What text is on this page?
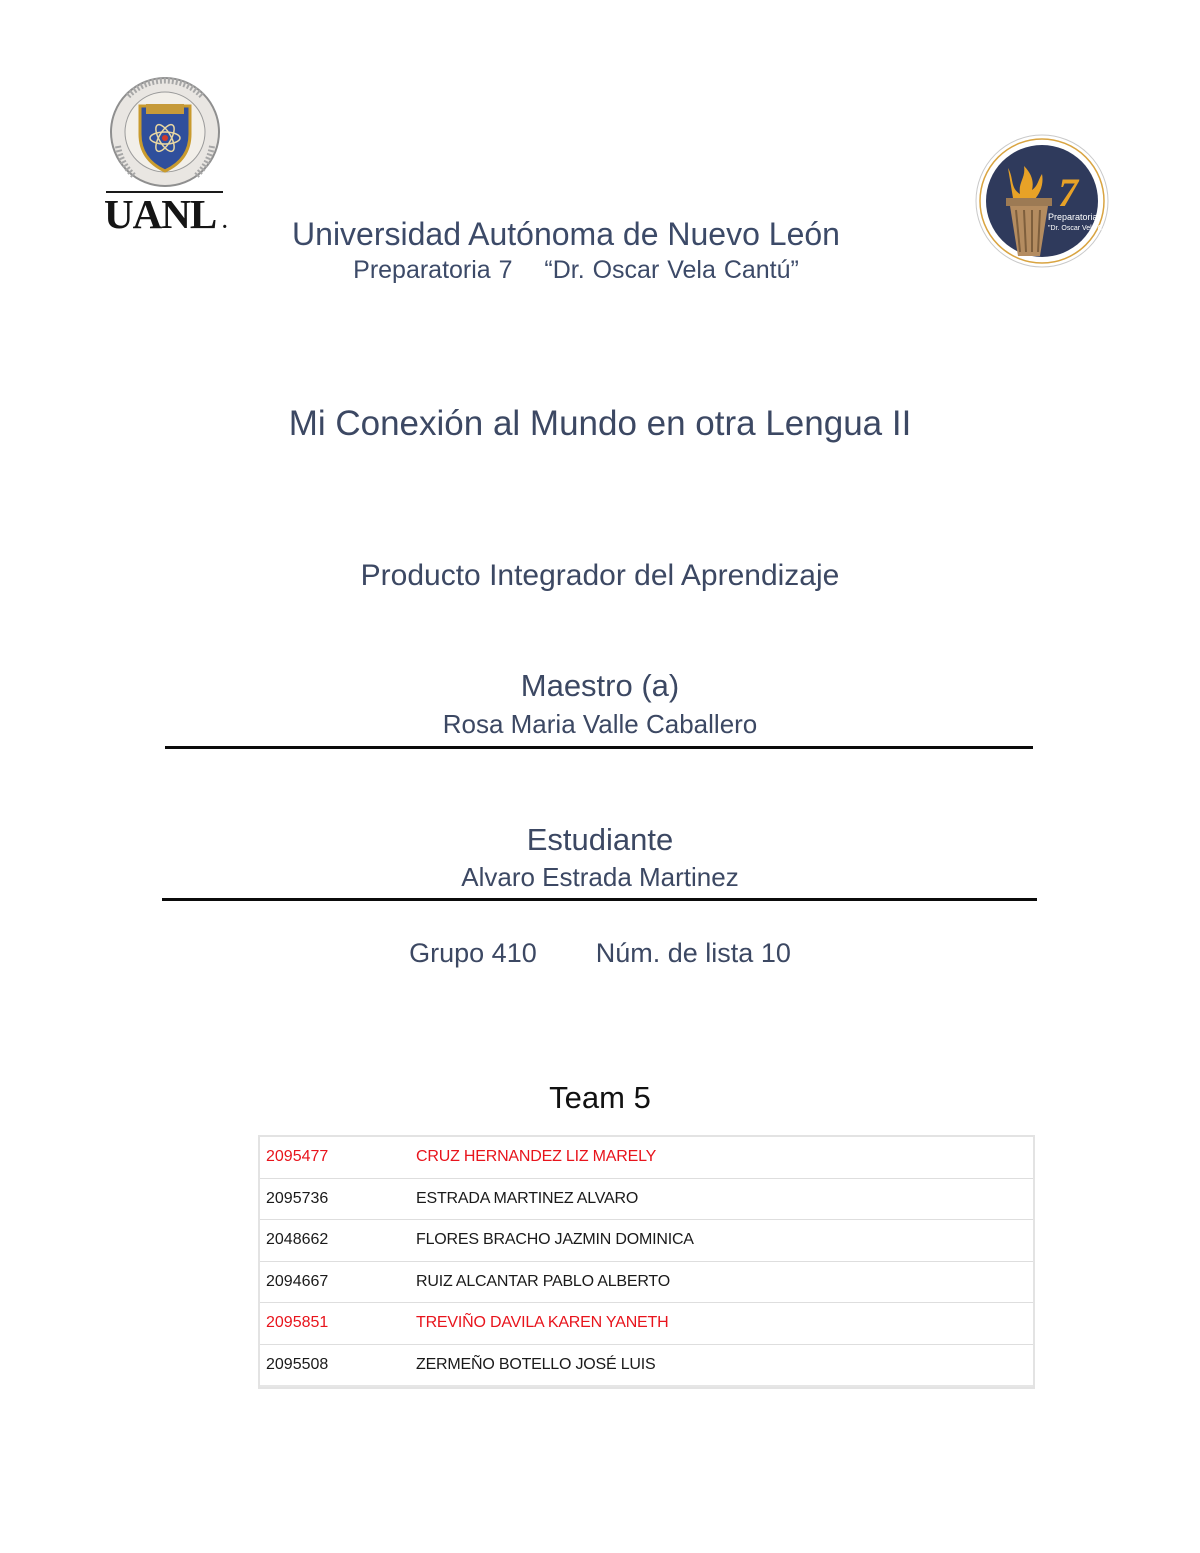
UANL .
7
Preparatoria
"Dr. Oscar Vela Cantú"
Universidad Autónoma de Nuevo León
Preparatoria 7 “Dr. Oscar Vela Cantú”
Mi Conexión al Mundo en otra Lengua II
Producto Integrador del Aprendizaje
Maestro (a)
Rosa Maria Valle Caballero
Estudiante
Alvaro Estrada Martinez
Grupo 410 Núm. de lista 10
Team 5
2095477	CRUZ HERNANDEZ LIZ MARELY
2095736	ESTRADA MARTINEZ ALVARO
2048662	FLORES BRACHO JAZMIN DOMINICA
2094667	RUIZ ALCANTAR PABLO ALBERTO
2095851	TREVIÑO DAVILA KAREN YANETH
2095508	ZERMEÑO BOTELLO JOSÉ LUIS
